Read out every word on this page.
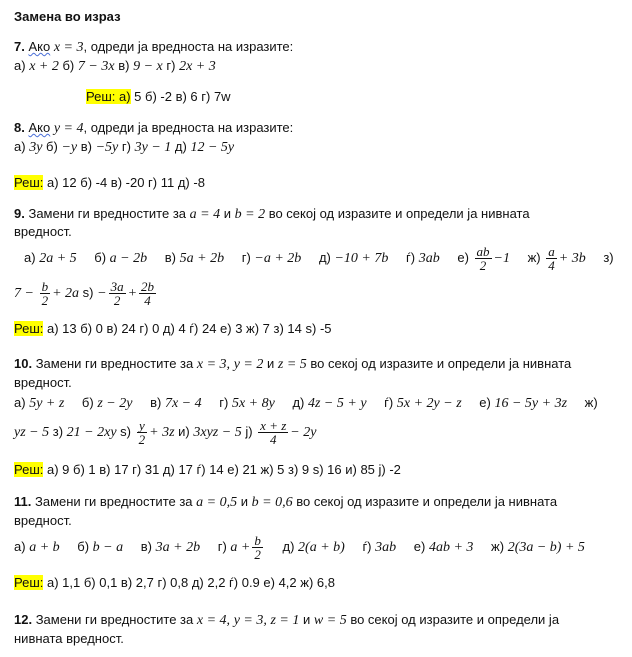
Замена во израз
7. Ако x = 3, одреди ја вредноста на изразите:
а) x + 2 б) 7 − 3x в) 9 − x г) 2x + 3
Реш: а) 5 б) -2 в) 6 г) 7w
8. Ако y = 4, одреди ја вредноста на изразите:
а) 3y б) −y в) −5y г) 3y − 1 д) 12 − 5y
Реш: а) 12 б) -4 в) -20 г) 11 д) -8
9. Замени ги вредностите за a = 4 и b = 2 во секој од изразите и определи ја нивната
вредност.
а) 2a + 5 б) a − 2b в) 5a + 2b г) −a + 2b д) −10 + 7b ѓ) 3ab $е) \frac{ab}{2} -1$ $ж) \frac{a}{4} + 3b$ з)
$7 - \frac{b}{2} + 2a$ $ѕ) - \frac{3a}{2} + \frac{2b}{4}$
Реш: а) 13 б) 0 в) 24 г) 0 д) 4 ѓ) 24 е) 3 ж) 7 з) 14 ѕ) -5
10. Замени ги вредностите за x = 3, y = 2 и z = 5 во секој од изразите и определи ја нивната
вредност.
а) 5y + z б) z − 2y в) 7x − 4 г) 5x + 8y д) 4z − 5 + y ѓ) 5x + 2y − z е) 16 − 5y + 3z ж)
yz − 5 з) 21 − 2xy $ѕ) \frac{y}{2} + 3z$ и) 3xyz − 5 $ј) \frac{x + z}{4} - 2y$
Реш: а) 9 б) 1 в) 17 г) 31 д) 17 ѓ) 14 е) 21 ж) 5 з) 9 ѕ) 16 и) 85 ј) -2
11. Замени ги вредностите за a = 0,5 и b = 0,6 во секој од изразите и определи ја нивната
вредност.
а) a + b б) b − a в) 3a + 2b г) $a + \frac{b}{2} д$) 2(a + b) ѓ) 3ab е) 4ab + 3 ж) 2(3a − b) + 5
Реш: а) 1,1 б) 0,1 в) 2,7 г) 0,8 д) 2,2 ѓ) 0.9 е) 4,2 ж) 6,8
12. Замени ги вредностите за x = 4, y = 3, z = 1 и w = 5 во секој од изразите и определи ја
нивната вредност.
